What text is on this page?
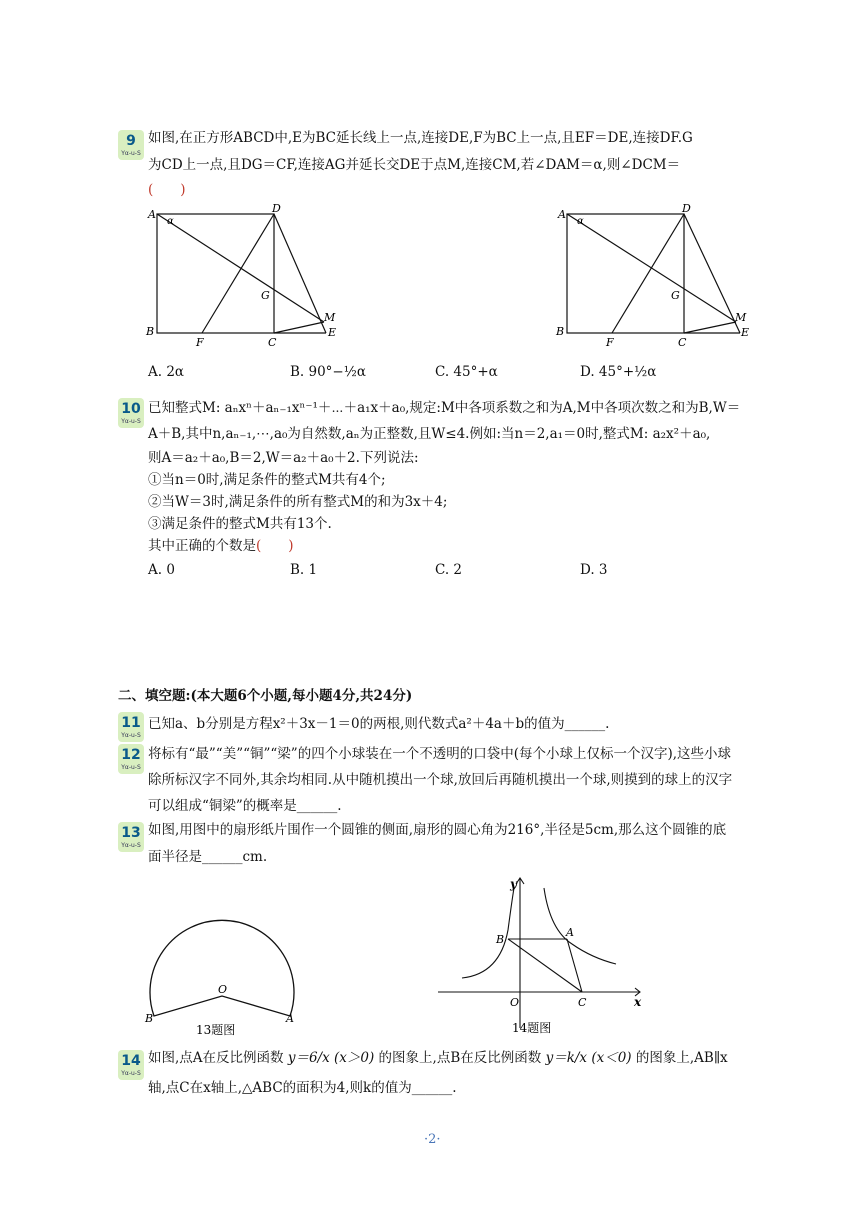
9
Yα-u-S
如图,在正方形ABCD中,E为BC延长线上一点,连接DE,F为BC上一点,且EF＝DE,连接DF.G
为CD上一点,且DG＝CF,连接AG并延长交DE于点M,连接CM,若∠DAM＝α,则∠DCM＝
(　　)
A
α
D
G
M
B
F	C
E
A
α
D
G
M
B
F	C
E
A. 2α	B. 90°−½α	C. 45°+α	D. 45°+½α
10
Yα-u-S
已知整式M: aₙxⁿ＋aₙ₋₁xⁿ⁻¹＋⋯＋a₁x＋a₀,规定:M中各项系数之和为A,M中各项次数之和为B,W＝
A＋B,其中n,aₙ₋₁,⋯,a₀为自然数,aₙ为正整数,且W≤4.例如:当n＝2,a₁＝0时,整式M: a₂x²＋a₀,
则A＝a₂＋a₀,B＝2,W＝a₂＋a₀＋2.下列说法:
①当n＝0时,满足条件的整式M共有4个;
②当W＝3时,满足条件的所有整式M的和为3x＋4;
③满足条件的整式M共有13个.
其中正确的个数是(　　)
A. 0	B. 1	C. 2	D. 3
二、填空题:(本大题6个小题,每小题4分,共24分)
11
Yα-u-S
已知a、b分别是方程x²＋3x－1＝0的两根,则代数式a²＋4a＋b的值为______.
12
Yα-u-S
将标有“最”“美”“铜”“梁”的四个小球装在一个不透明的口袋中(每个小球上仅标一个汉字),这些小球
除所标汉字不同外,其余均相同.从中随机摸出一个球,放回后再随机摸出一个球,则摸到的球上的汉字
可以组成“铜梁”的概率是______.
13
Yα-u-S
如图,用图中的扇形纸片围作一个圆锥的侧面,扇形的圆心角为216°,半径是5cm,那么这个圆锥的底
面半径是______cm.
O
B	A
13题图
y
B
A
O	C	x
14题图
14
Yα-u-S
如图,点A在反比例函数 y＝6/x (x＞0) 的图象上,点B在反比例函数 y＝k/x (x＜0) 的图象上,AB∥x
轴,点C在x轴上,△ABC的面积为4,则k的值为______.
·2·
